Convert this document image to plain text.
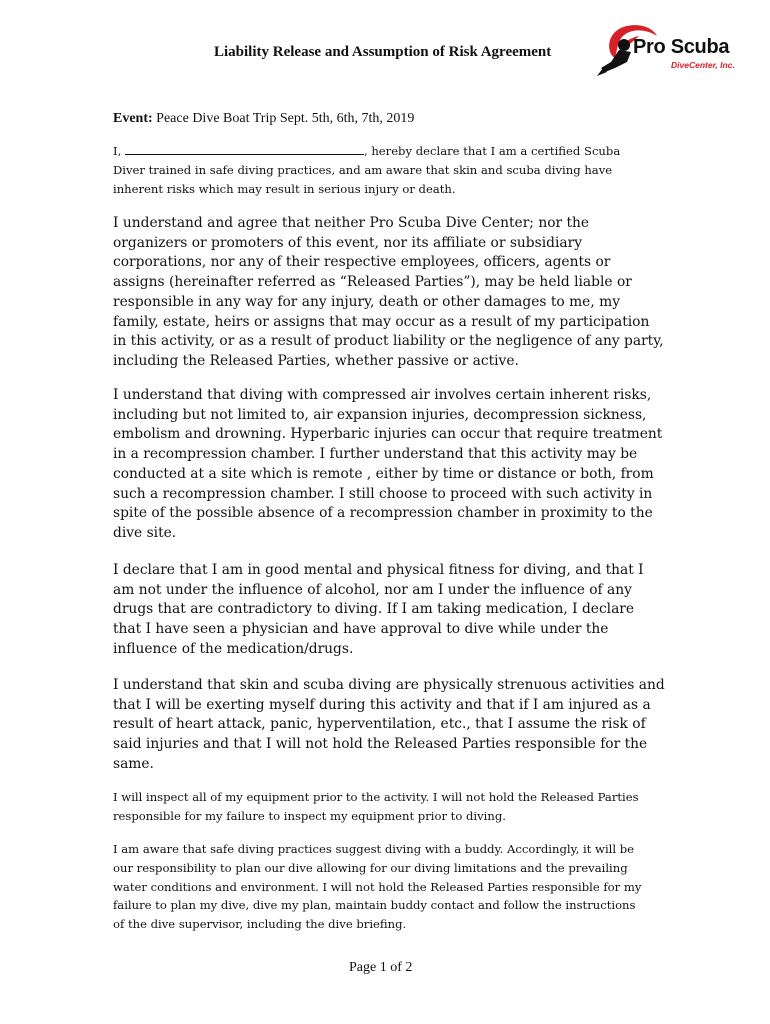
Liability Release and Assumption of Risk Agreement	Pro Scuba
DiveCenter, Inc.
Event: Peace Dive Boat Trip Sept. 5th, 6th, 7th, 2019

I,	, hereby declare that I am a certified Scuba Diver trained in safe diving practices, and am aware that skin and scuba diving have inherent risks which may result in serious injury or death.

I understand and agree that neither Pro Scuba Dive Center; nor the organizers or promoters of this event, nor its affiliate or subsidiary corporations, nor any of their respective employees, officers, agents or assigns (hereinafter referred as “Released Parties”), may be held liable or responsible in any way for any injury, death or other damages to me, my family, estate, heirs or assigns that may occur as a result of my participation in this activity, or as a result of product liability or the negligence of any party, including the Released Parties, whether passive or active.

I understand that diving with compressed air involves certain inherent risks, including but not limited to, air expansion injuries, decompression sickness, embolism and drowning. Hyperbaric injuries can occur that require treatment in a recompression chamber. I further understand that this activity may be conducted at a site which is remote , either by time or distance or both, from such a recompression chamber. I still choose to proceed with such activity in spite of the possible absence of a recompression chamber in proximity to the dive site.

I declare that I am in good mental and physical fitness for diving, and that I am not under the influence of alcohol, nor am I under the influence of any drugs that are contradictory to diving. If I am taking medication, I declare that I have seen a physician and have approval to dive while under the influence of the medication/drugs.

I understand that skin and scuba diving are physically strenuous activities and that I will be exerting myself during this activity and that if I am injured as a result of heart attack, panic, hyperventilation, etc., that I assume the risk of said injuries and that I will not hold the Released Parties responsible for the same.

I will inspect all of my equipment prior to the activity. I will not hold the Released Parties responsible for my failure to inspect my equipment prior to diving.

I am aware that safe diving practices suggest diving with a buddy. Accordingly, it will be our responsibility to plan our dive allowing for our diving limitations and the prevailing water conditions and environment. I will not hold the Released Parties responsible for my failure to plan my dive, dive my plan, maintain buddy contact and follow the instructions of the dive supervisor, including the dive briefing.

Page 1 of 2
